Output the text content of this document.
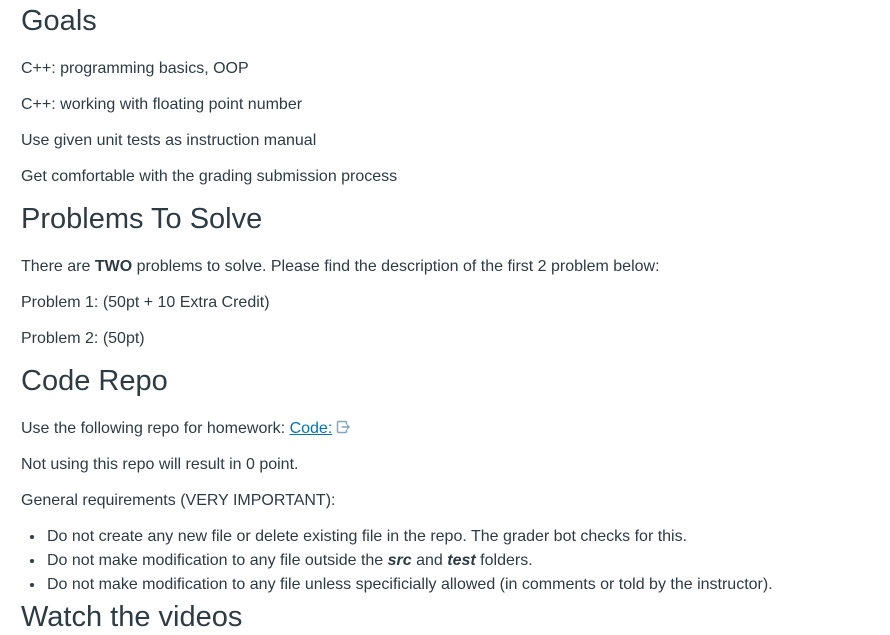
Goals

C++: programming basics, OOP

C++: working with floating point number

Use given unit tests as instruction manual

Get comfortable with the grading submission process

Problems To Solve

There are TWO problems to solve. Please find the description of the first 2 problem below:

Problem 1: (50pt + 10 Extra Credit)

Problem 2: (50pt)

Code Repo

Use the following repo for homework: Code:

Not using this repo will result in 0 point.

General requirements (VERY IMPORTANT):

• Do not create any new file or delete existing file in the repo. The grader bot checks for this.
• Do not make modification to any file outside the src and test folders.
• Do not make modification to any file unless specificially allowed (in comments or told by the instructor).
Watch the videos
